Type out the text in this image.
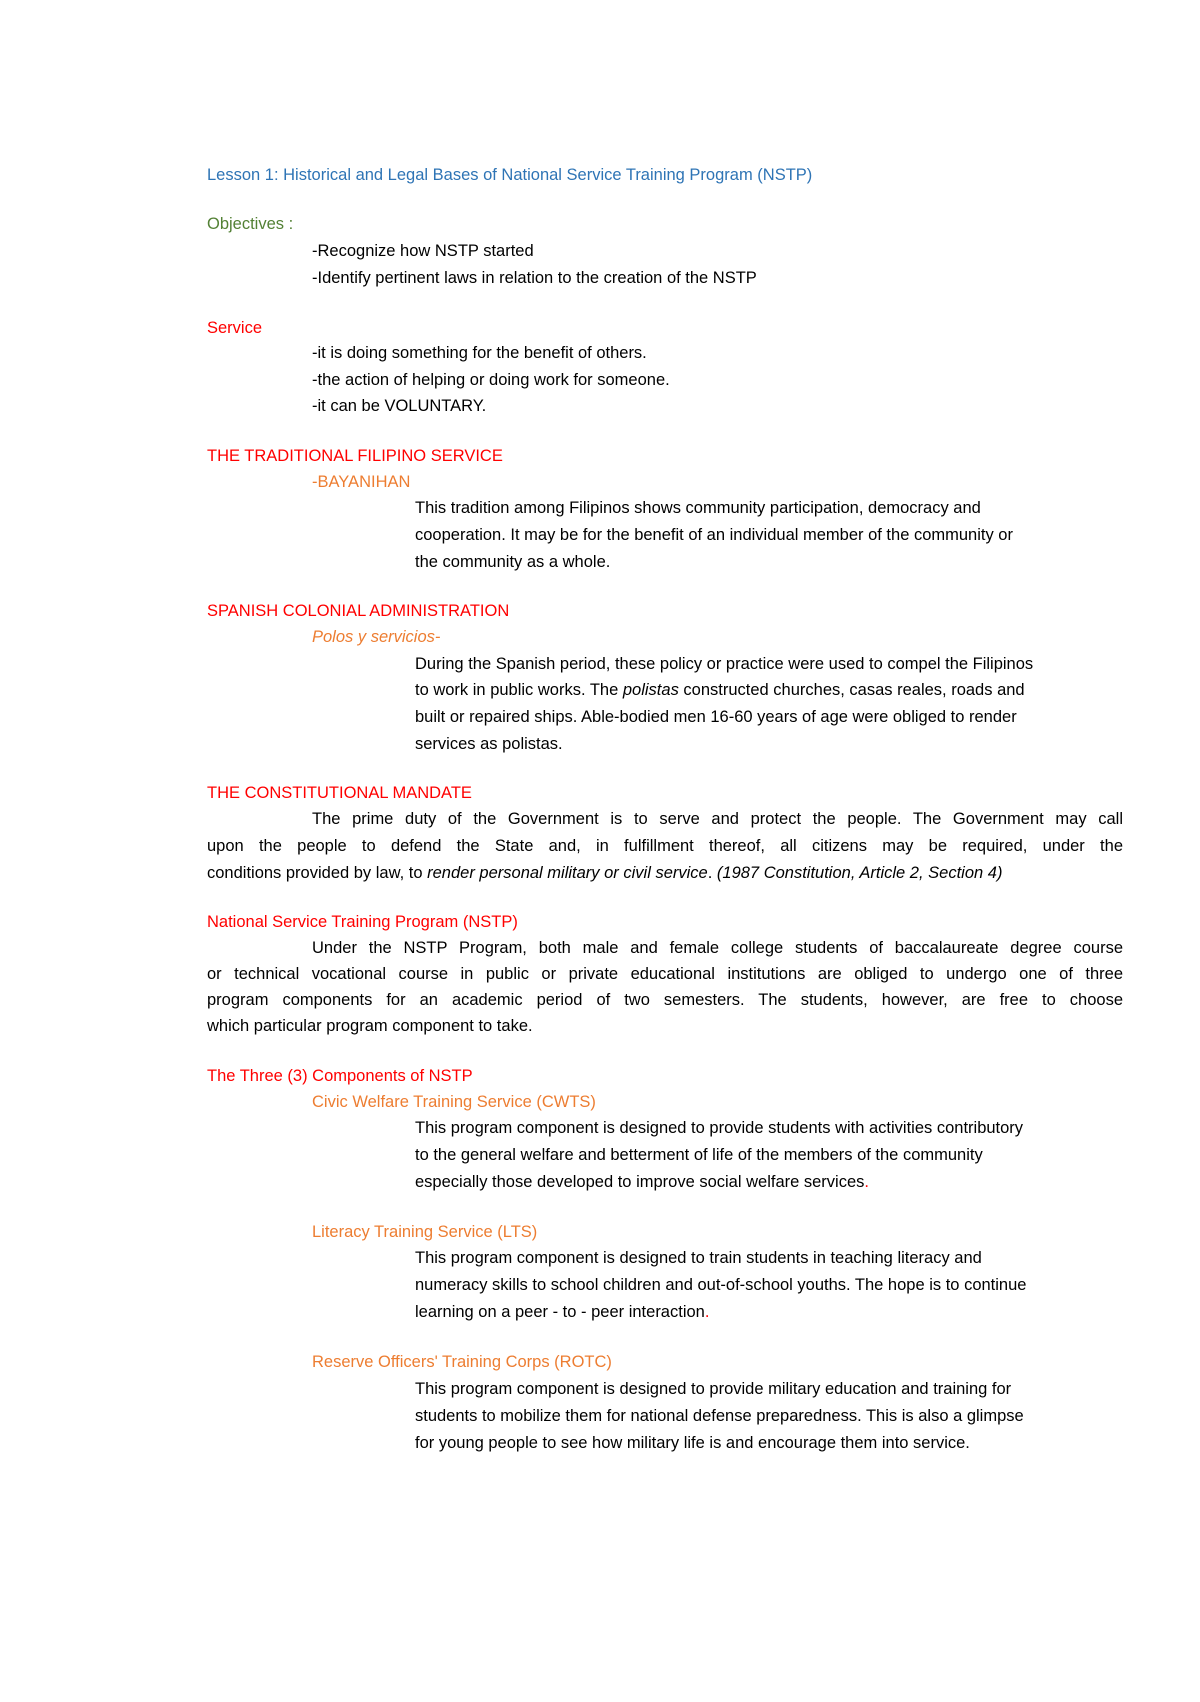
Lesson 1: Historical and Legal Bases of National Service Training Program (NSTP)
Objectives :
-Recognize how NSTP started
-Identify pertinent laws in relation to the creation of the NSTP
Service
-it is doing something for the benefit of others.
-the action of helping or doing work for someone.
-it can be VOLUNTARY.
THE TRADITIONAL FILIPINO SERVICE
-BAYANIHAN
This tradition among Filipinos shows community participation, democracy and
cooperation. It may be for the benefit of an individual member of the community or
the community as a whole.
SPANISH COLONIAL ADMINISTRATION
Polos y servicios-
During the Spanish period, these policy or practice were used to compel the Filipinos
to work in public works. The polistas constructed churches, casas reales, roads and
built or repaired ships. Able-bodied men 16-60 years of age were obliged to render
services as polistas.
THE CONSTITUTIONAL MANDATE
The prime duty of the Government is to serve and protect the people. The Government may call
upon the people to defend the State and, in fulfillment thereof, all citizens may be required, under the
conditions provided by law, to render personal military or civil service. (1987 Constitution, Article 2, Section 4)
National Service Training Program (NSTP)
Under the NSTP Program, both male and female college students of baccalaureate degree course
or technical vocational course in public or private educational institutions are obliged to undergo one of three
program components for an academic period of two semesters. The students, however, are free to choose
which particular program component to take.
The Three (3) Components of NSTP
Civic Welfare Training Service (CWTS)
This program component is designed to provide students with activities contributory
to the general welfare and betterment of life of the members of the community
especially those developed to improve social welfare services.
Literacy Training Service (LTS)
This program component is designed to train students in teaching literacy and
numeracy skills to school children and out-of-school youths. The hope is to continue
learning on a peer - to - peer interaction.
Reserve Officers' Training Corps (ROTC)
This program component is designed to provide military education and training for
students to mobilize them for national defense preparedness. This is also a glimpse
for young people to see how military life is and encourage them into service.
